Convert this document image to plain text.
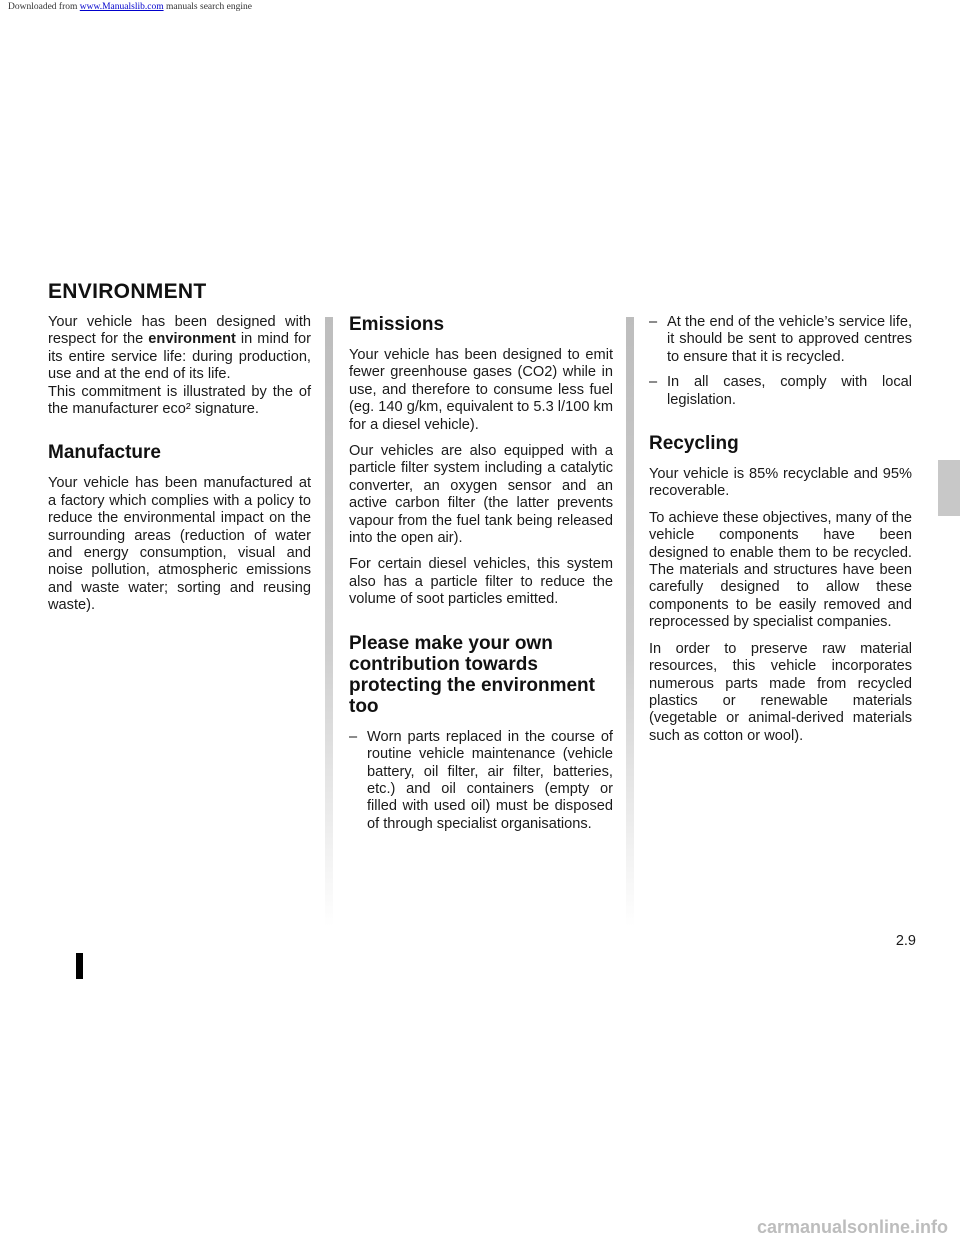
Downloaded from www.Manualslib.com manuals search engine
ENVIRONMENT

Your vehicle has been designed with respect for the environment in mind for its entire service life: during production, use and at the end of its life.

This commitment is illustrated by the of the manufacturer eco² signature.

Manufacture

Your vehicle has been manufactured at a factory which complies with a policy to reduce the environmental impact on the surrounding areas (reduction of water and energy consumption, visual and noise pollution, atmospheric emissions and waste water; sorting and reusing waste).

Emissions

Your vehicle has been designed to emit fewer greenhouse gases (CO2) while in use, and therefore to consume less fuel (eg. 140 g/km, equivalent to 5.3 l/100 km for a diesel vehicle).

Our vehicles are also equipped with a particle filter system including a catalytic converter, an oxygen sensor and an active carbon filter (the latter prevents vapour from the fuel tank being released into the open air).

For certain diesel vehicles, this system also has a particle filter to reduce the volume of soot particles emitted.

Please make your own contribution towards protecting the environment too
– Worn parts replaced in the course of routine vehicle maintenance (vehicle battery, oil filter, air filter, batteries, etc.) and oil containers (empty or filled with used oil) must be disposed of through specialist organisations.
– At the end of the vehicle’s service life, it should be sent to approved centres to ensure that it is recycled.
– In all cases, comply with local legislation.
Recycling

Your vehicle is 85% recyclable and 95% recoverable.

To achieve these objectives, many of the vehicle components have been designed to enable them to be recycled. The materials and structures have been carefully designed to allow these components to be easily removed and reprocessed by specialist companies.

In order to preserve raw material resources, this vehicle incorporates numerous parts made from recycled plastics or renewable materials (vegetable or animal-derived materials such as cotton or wool).

2.9
carmanualsonline.info
